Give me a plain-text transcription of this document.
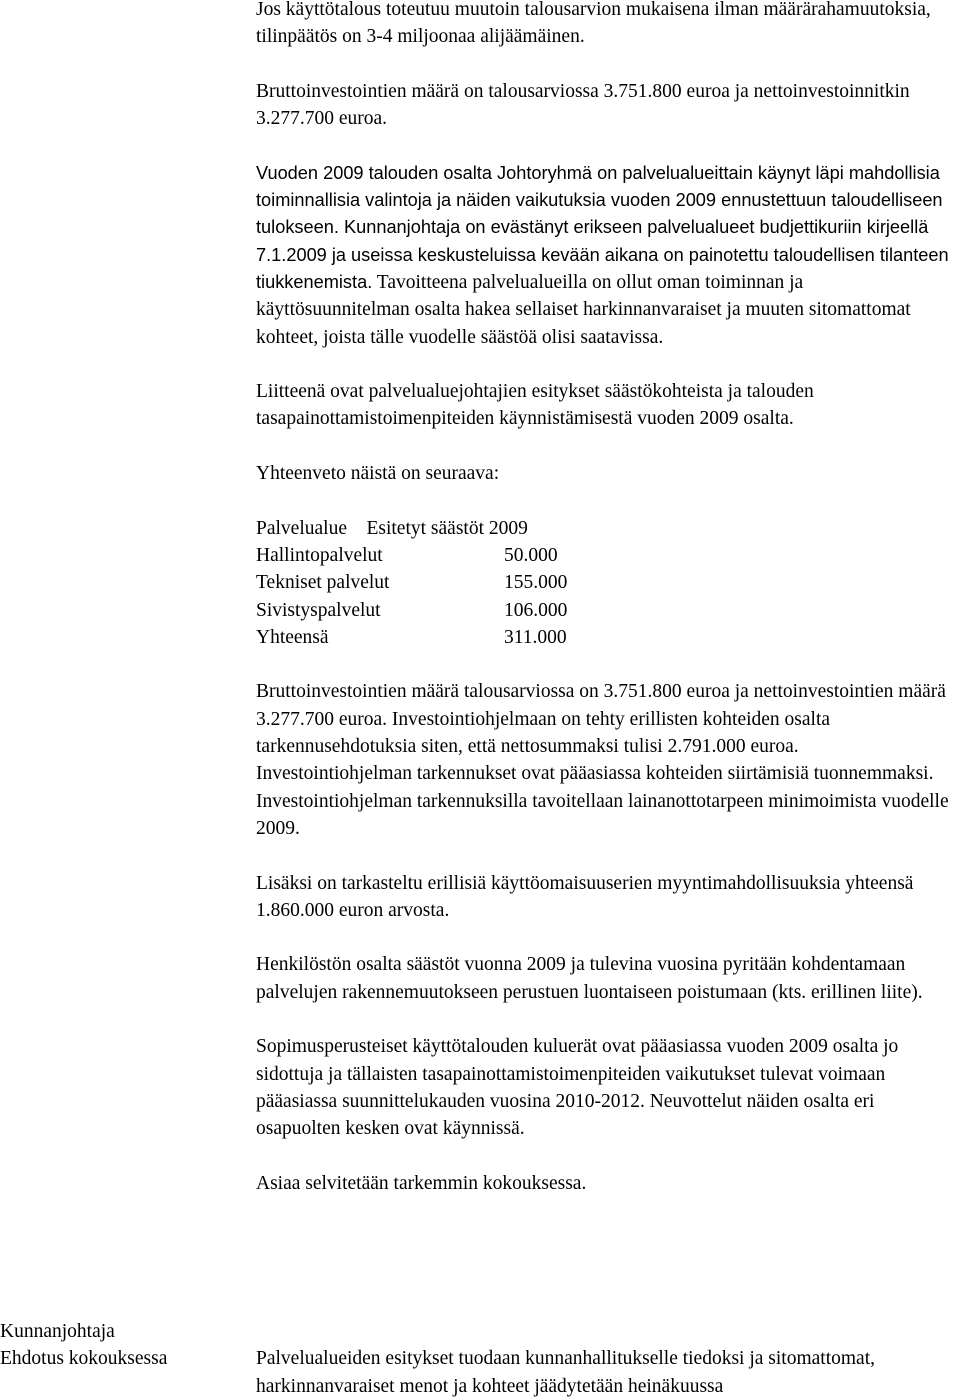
Jos käyttötalous toteutuu muutoin talousarvion mukaisena ilman määrärahamuutoksia, tilinpäätös on 3-4 miljoonaa alijäämäinen.

Bruttoinvestointien määrä on talousarviossa 3.751.800 euroa ja nettoinvestoinnitkin 3.277.700 euroa.

Vuoden 2009 talouden osalta Johtoryhmä on palvelualueittain käynyt läpi mahdollisia toiminnallisia valintoja ja näiden vaikutuksia vuoden 2009 ennustettuun taloudelliseen tulokseen. Kunnanjohtaja on evästänyt erikseen palvelualueet budjettikuriin kirjeellä 7.1.2009 ja useissa keskusteluissa kevään aikana on painotettu taloudellisen tilanteen tiukkenemista. Tavoitteena palvelualueilla on ollut oman toiminnan ja käyttösuunnitelman osalta hakea sellaiset harkinnanvaraiset ja muuten sitomattomat kohteet, joista tälle vuodelle säästöä olisi saatavissa.

Liitteenä ovat palvelualuejohtajien esitykset säästökohteista ja talouden tasapainottamistoimenpiteiden käynnistämisestä vuoden 2009 osalta.

Yhteenveto näistä on seuraava:

Palvelualue Esitetyt säästöt 2009	
Hallintopalvelut	50.000
Tekniset palvelut	155.000
Sivistyspalvelut	106.000
Yhteensä	311.000

Bruttoinvestointien määrä talousarviossa on 3.751.800 euroa ja nettoinvestointien määrä 3.277.700 euroa. Investointiohjelmaan on tehty erillisten kohteiden osalta tarkennusehdotuksia siten, että nettosummaksi tulisi 2.791.000 euroa. Investointiohjelman tarkennukset ovat pääasiassa kohteiden siirtämisiä tuonnemmaksi. Investointiohjelman tarkennuksilla tavoitellaan lainanottotarpeen minimoimista vuodelle 2009.

Lisäksi on tarkasteltu erillisiä käyttöomaisuuserien myyntimahdollisuuksia yhteensä 1.860.000 euron arvosta.

Henkilöstön osalta säästöt vuonna 2009 ja tulevina vuosina pyritään kohdentamaan palvelujen rakennemuutokseen perustuen luontaiseen poistumaan (kts. erillinen liite).

Sopimusperusteiset käyttötalouden kuluerät ovat pääasiassa vuoden 2009 osalta jo sidottuja ja tällaisten tasapainottamistoimenpiteiden vaikutukset tulevat voimaan pääasiassa suunnittelukauden vuosina 2010-2012. Neuvottelut näiden osalta eri osapuolten kesken ovat käynnissä.

Asiaa selvitetään tarkemmin kokouksessa.

Kunnanjohtaja
Ehdotus kokouksessa	Palvelualueiden esitykset tuodaan kunnanhallitukselle tiedoksi ja sitomattomat, harkinnanvaraiset menot ja kohteet jäädytetään heinäkuussa
